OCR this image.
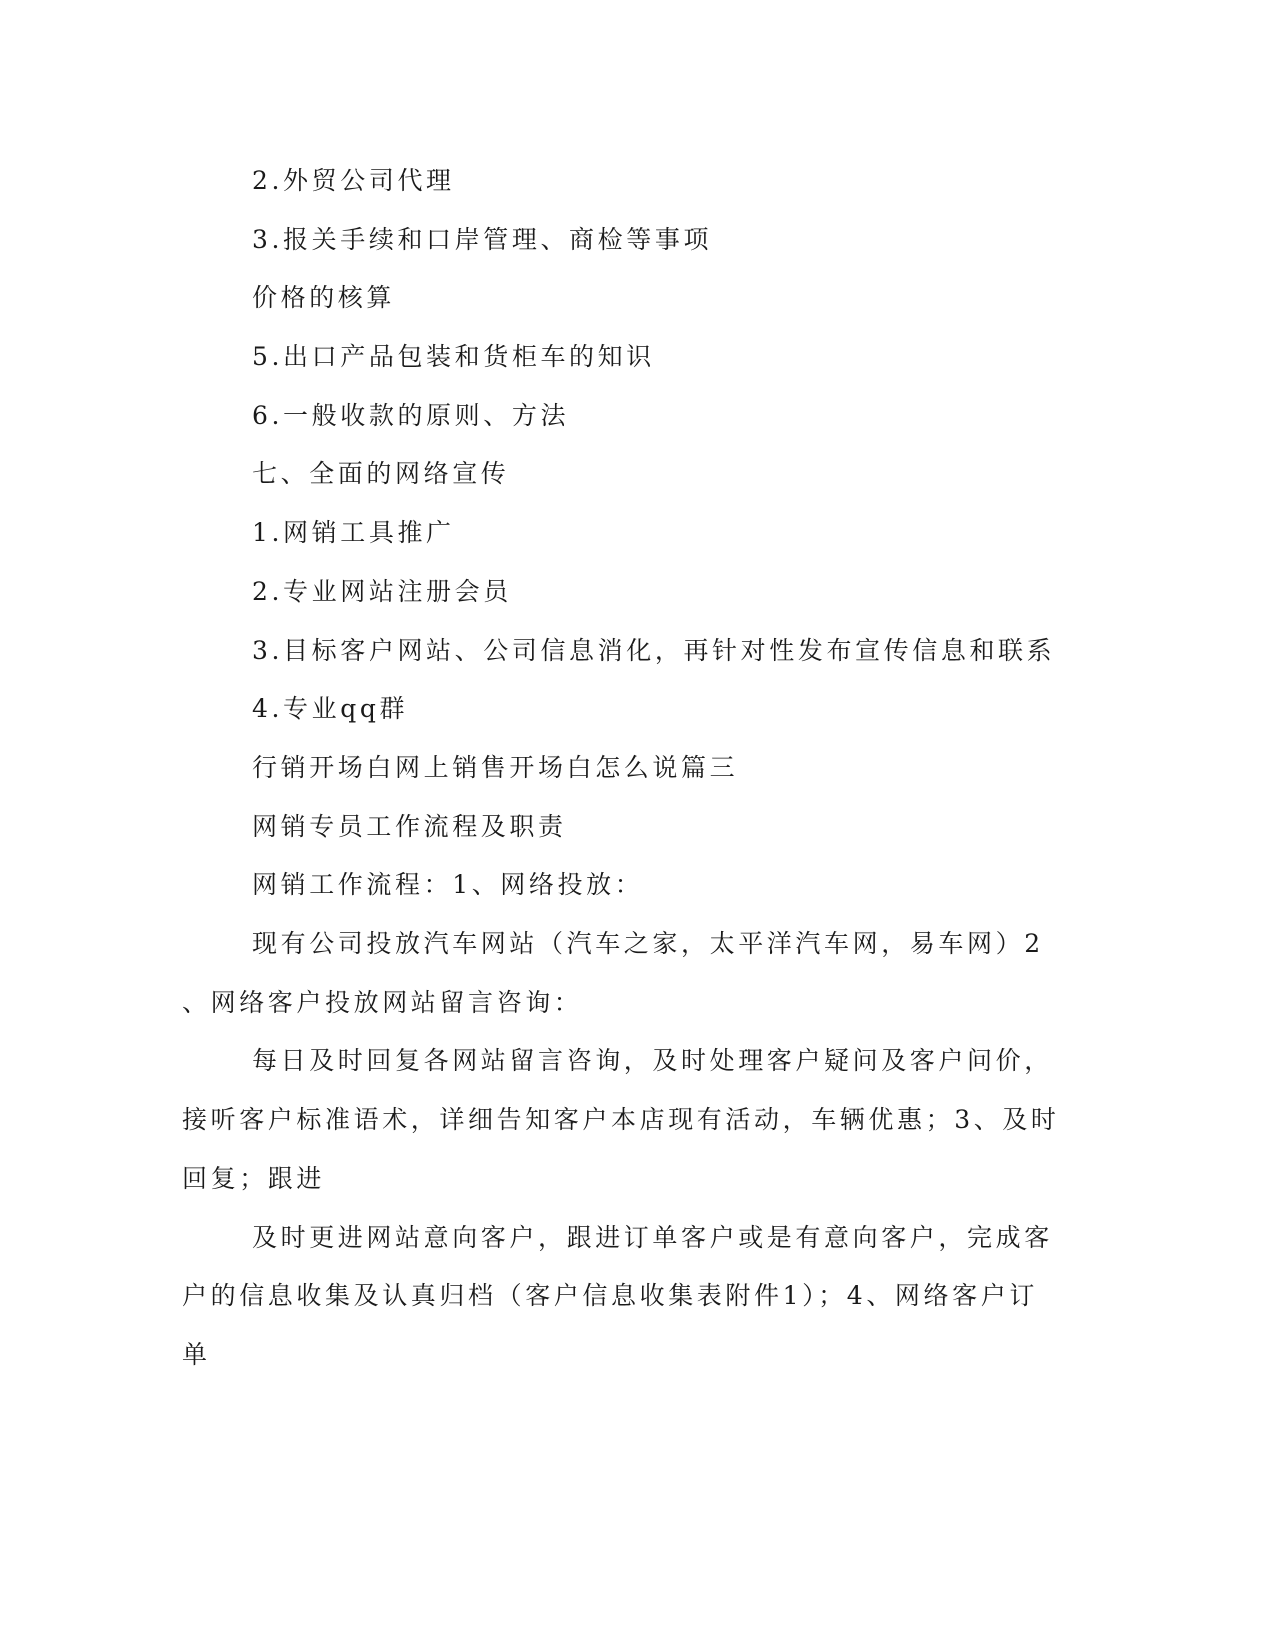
2.外贸公司代理

3.报关手续和口岸管理、商检等事项

价格的核算

5.出口产品包装和货柜车的知识

6.一般收款的原则、方法

七、全面的网络宣传

1.网销工具推广

2.专业网站注册会员

3.目标客户网站、公司信息消化，再针对性发布宣传信息和联系

4.专业qq群

行销开场白网上销售开场白怎么说篇三

网销专员工作流程及职责

网销工作流程：1、网络投放：

现有公司投放汽车网站（汽车之家，太平洋汽车网，易车网）2

、网络客户投放网站留言咨询：

每日及时回复各网站留言咨询，及时处理客户疑问及客户问价，

接听客户标准语术，详细告知客户本店现有活动，车辆优惠；3、及时

回复；跟进

及时更进网站意向客户，跟进订单客户或是有意向客户，完成客

户的信息收集及认真归档（客户信息收集表附件1）；4、网络客户订

单
